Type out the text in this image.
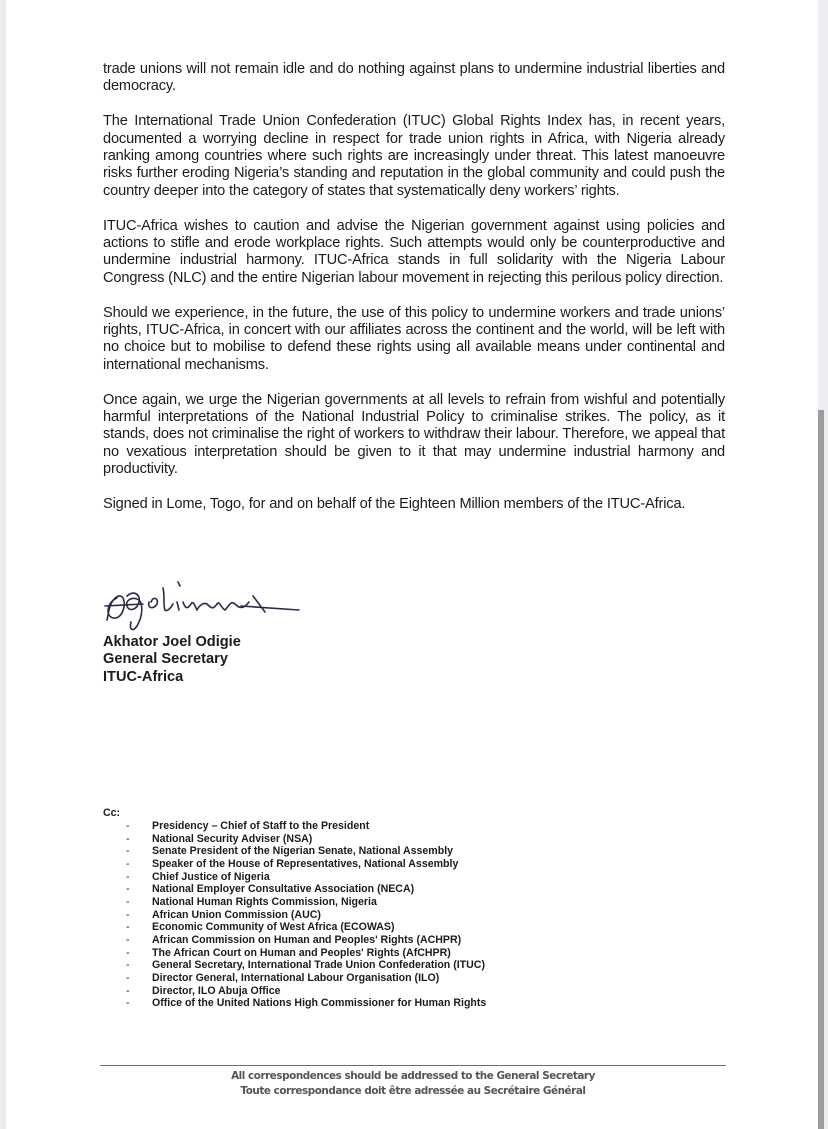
trade unions will not remain idle and do nothing against plans to undermine industrial liberties and democracy.

The International Trade Union Confederation (ITUC) Global Rights Index has, in recent years, documented a worrying decline in respect for trade union rights in Africa, with Nigeria already ranking among countries where such rights are increasingly under threat. This latest manoeuvre risks further eroding Nigeria’s standing and reputation in the global community and could push the country deeper into the category of states that systematically deny workers’ rights.

ITUC-Africa wishes to caution and advise the Nigerian government against using policies and actions to stifle and erode workplace rights. Such attempts would only be counterproductive and undermine industrial harmony. ITUC-Africa stands in full solidarity with the Nigeria Labour Congress (NLC) and the entire Nigerian labour movement in rejecting this perilous policy direction.

Should we experience, in the future, the use of this policy to undermine workers and trade unions’ rights, ITUC-Africa, in concert with our affiliates across the continent and the world, will be left with no choice but to mobilise to defend these rights using all available means under continental and international mechanisms.

Once again, we urge the Nigerian governments at all levels to refrain from wishful and potentially harmful interpretations of the National Industrial Policy to criminalise strikes. The policy, as it stands, does not criminalise the right of workers to withdraw their labour. Therefore, we appeal that no vexatious interpretation should be given to it that may undermine industrial harmony and productivity.

Signed in Lome, Togo, for and on behalf of the Eighteen Million members of the ITUC-Africa.

Akhator Joel Odigie
General Secretary
ITUC-Africa
Cc:
- Presidency – Chief of Staff to the President
- National Security Adviser (NSA)
- Senate President of the Nigerian Senate, National Assembly
- Speaker of the House of Representatives, National Assembly
- Chief Justice of Nigeria
- National Employer Consultative Association (NECA)
- National Human Rights Commission, Nigeria
- African Union Commission (AUC)
- Economic Community of West Africa (ECOWAS)
- African Commission on Human and Peoples' Rights (ACHPR)
- The African Court on Human and Peoples' Rights (AfCHPR)
- General Secretary, International Trade Union Confederation (ITUC)
- Director General, International Labour Organisation (ILO)
- Director, ILO Abuja Office
- Office of the United Nations High Commissioner for Human Rights
All correspondences should be addressed to the General Secretary
Toute correspondance doit être adressée au Secrétaire Général
